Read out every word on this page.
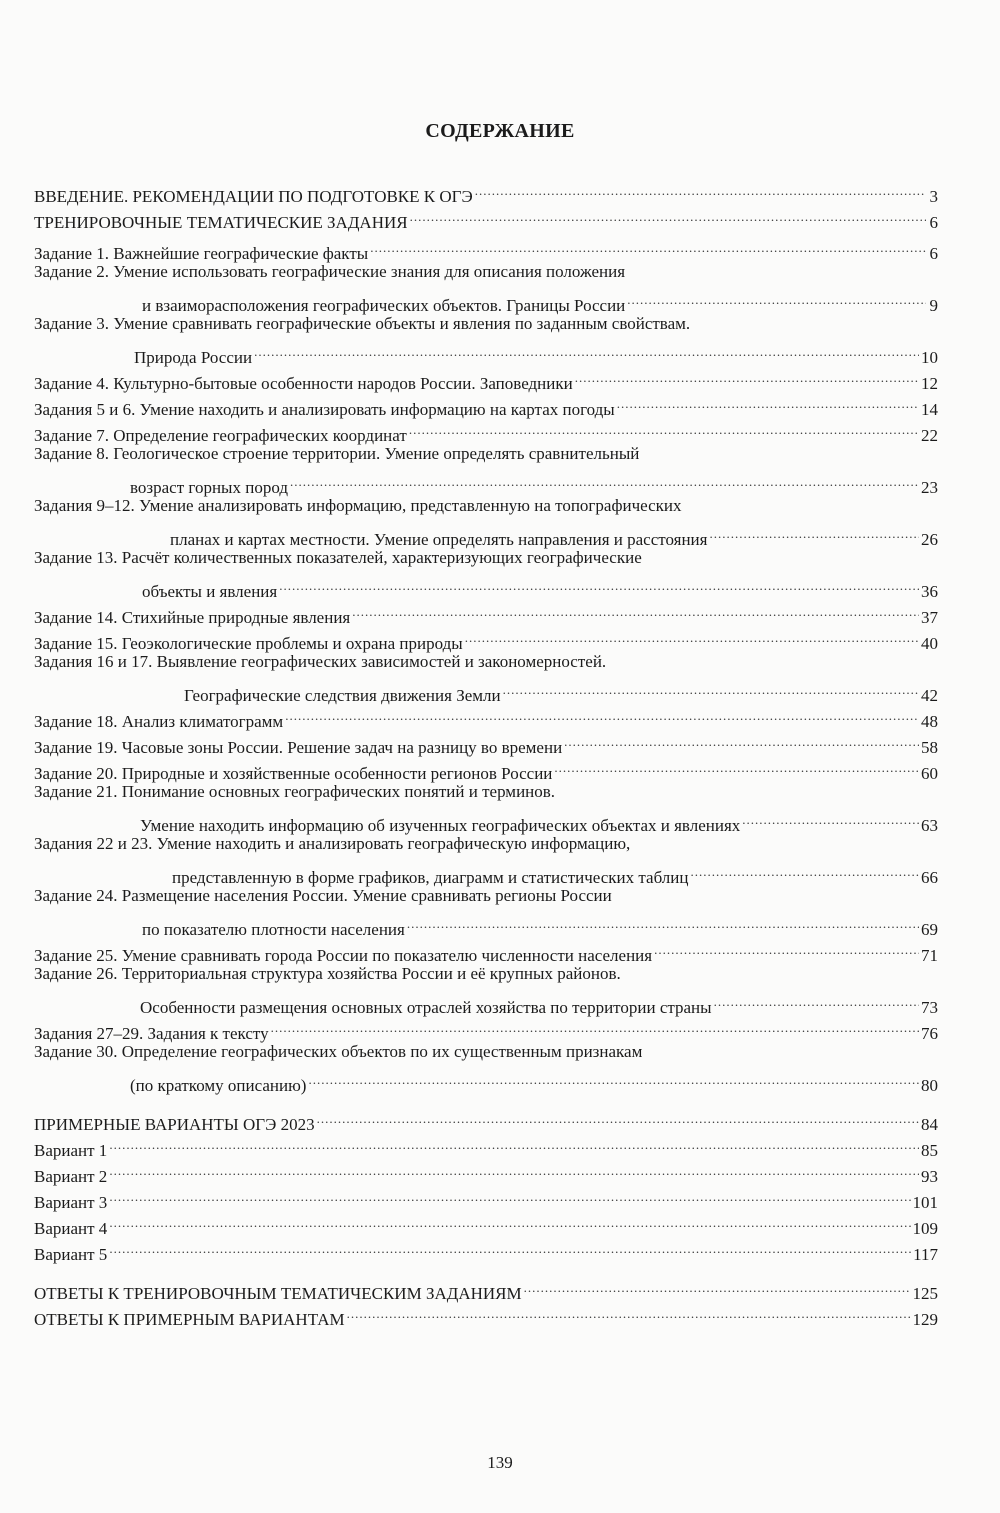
СОДЕРЖАНИЕ
ВВЕДЕНИЕ. РЕКОМЕНДАЦИИ ПО ПОДГОТОВКЕ К ОГЭ .....	3
ТРЕНИРОВОЧНЫЕ ТЕМАТИЧЕСКИЕ ЗАДАНИЯ .....	6
Задание 1. Важнейшие географические факты .....	6
Задание 2. Умение использовать географические знания для описания положения
и взаиморасположения географических объектов. Границы России .....	9
Задание 3. Умение сравнивать географические объекты и явления по заданным свойствам.
Природа России .....	10
Задание 4. Культурно-бытовые особенности народов России. Заповедники .....	12
Задания 5 и 6. Умение находить и анализировать информацию на картах погоды .....	14
Задание 7. Определение географических координат .....	22
Задание 8. Геологическое строение территории. Умение определять сравнительный
возраст горных пород .....	23
Задания 9–12. Умение анализировать информацию, представленную на топографических
планах и картах местности. Умение определять направления и расстояния .....	26
Задание 13. Расчёт количественных показателей, характеризующих географические
объекты и явления .....	36
Задание 14. Стихийные природные явления .....	37
Задание 15. Геоэкологические проблемы и охрана природы .....	40
Задания 16 и 17. Выявление географических зависимостей и закономерностей.
Географические следствия движения Земли .....	42
Задание 18. Анализ климатограмм .....	48
Задание 19. Часовые зоны России. Решение задач на разницу во времени .....	58
Задание 20. Природные и хозяйственные особенности регионов России .....	60
Задание 21. Понимание основных географических понятий и терминов.
Умение находить информацию об изученных географических объектах и явлениях .....	63
Задания 22 и 23. Умение находить и анализировать географическую информацию,
представленную в форме графиков, диаграмм и статистических таблиц .....	66
Задание 24. Размещение населения России. Умение сравнивать регионы России
по показателю плотности населения .....	69
Задание 25. Умение сравнивать города России по показателю численности населения .....	71
Задание 26. Территориальная структура хозяйства России и её крупных районов.
Особенности размещения основных отраслей хозяйства по территории страны .....	73
Задания 27–29. Задания к тексту .....	76
Задание 30. Определение географических объектов по их существенным признакам
(по краткому описанию) .....	80
ПРИМЕРНЫЕ ВАРИАНТЫ ОГЭ 2023 .....	84
Вариант 1 .....	85
Вариант 2 .....	93
Вариант 3 .....	101
Вариант 4 .....	109
Вариант 5 .....	117
ОТВЕТЫ К ТРЕНИРОВОЧНЫМ ТЕМАТИЧЕСКИМ ЗАДАНИЯМ .....	125
ОТВЕТЫ К ПРИМЕРНЫМ ВАРИАНТАМ .....	129
139
